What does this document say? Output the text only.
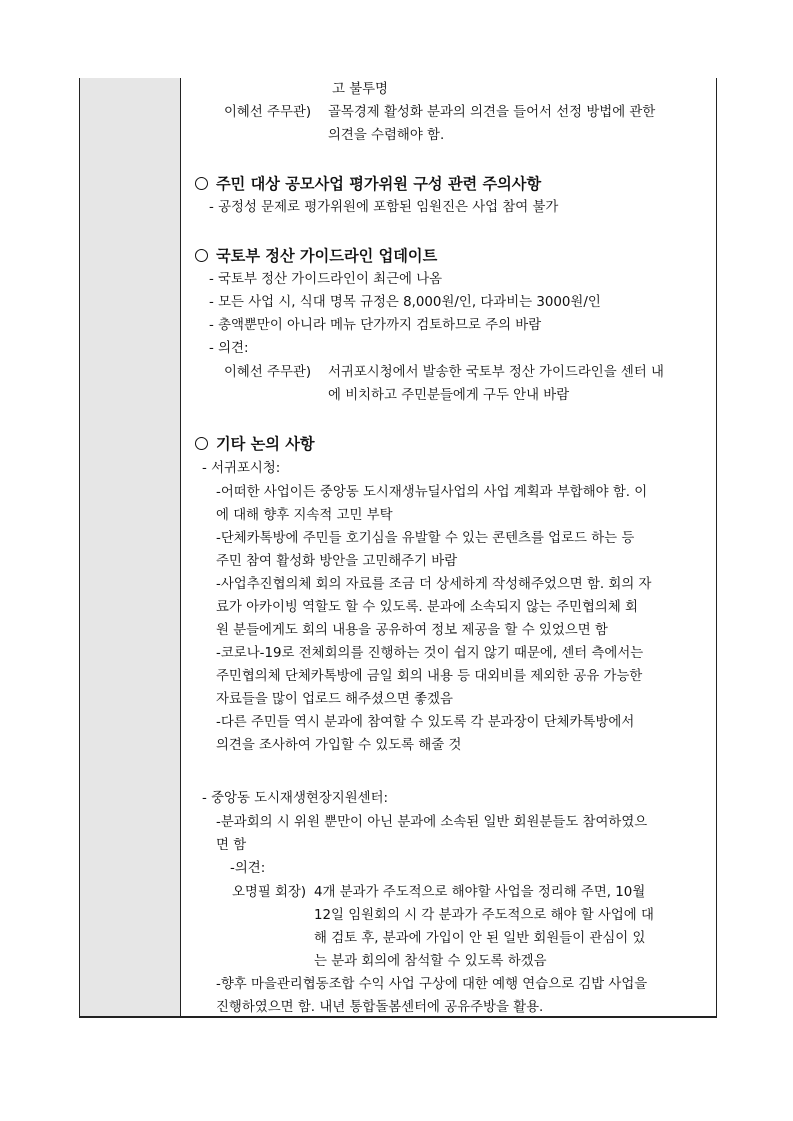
고 불투명
이혜선 주무관) 골목경제 활성화 분과의 의견을 들어서 선정 방법에 관한
의견을 수렴해야 함.
주민 대상 공모사업 평가위원 구성 관련 주의사항
- 공정성 문제로 평가위원에 포함된 임원진은 사업 참여 불가
국토부 정산 가이드라인 업데이트
- 국토부 정산 가이드라인이 최근에 나옴
- 모든 사업 시, 식대 명목 규정은 8,000원/인, 다과비는 3000원/인
- 총액뿐만이 아니라 메뉴 단가까지 검토하므로 주의 바람
- 의견:
이혜선 주무관) 서귀포시청에서 발송한 국토부 정산 가이드라인을 센터 내
에 비치하고 주민분들에게 구두 안내 바람
기타 논의 사항
- 서귀포시청:
-어떠한 사업이든 중앙동 도시재생뉴딜사업의 사업 계획과 부합해야 함. 이
에 대해 향후 지속적 고민 부탁
-단체카톡방에 주민들 호기심을 유발할 수 있는 콘텐츠를 업로드 하는 등
주민 참여 활성화 방안을 고민해주기 바람
-사업추진협의체 회의 자료를 조금 더 상세하게 작성해주었으면 함. 회의 자
료가 아카이빙 역할도 할 수 있도록. 분과에 소속되지 않는 주민협의체 회
원 분들에게도 회의 내용을 공유하여 정보 제공을 할 수 있었으면 함
-코로나-19로 전체회의를 진행하는 것이 쉽지 않기 때문에, 센터 측에서는
주민협의체 단체카톡방에 금일 회의 내용 등 대외비를 제외한 공유 가능한
자료들을 많이 업로드 해주셨으면 좋겠음
-다른 주민들 역시 분과에 참여할 수 있도록 각 분과장이 단체카톡방에서
의견을 조사하여 가입할 수 있도록 해줄 것
- 중앙동 도시재생현장지원센터:
-분과회의 시 위원 뿐만이 아닌 분과에 소속된 일반 회원분들도 참여하였으
면 함
-의견:
오명필 회장) 4개 분과가 주도적으로 해야할 사업을 정리해 주면, 10월
12일 임원회의 시 각 분과가 주도적으로 해야 할 사업에 대
해 검토 후, 분과에 가입이 안 된 일반 회원들이 관심이 있
는 분과 회의에 참석할 수 있도록 하겠음
-향후 마을관리협동조합 수익 사업 구상에 대한 예행 연습으로 김밥 사업을
진행하였으면 함. 내년 통합돌봄센터에 공유주방을 활용.
